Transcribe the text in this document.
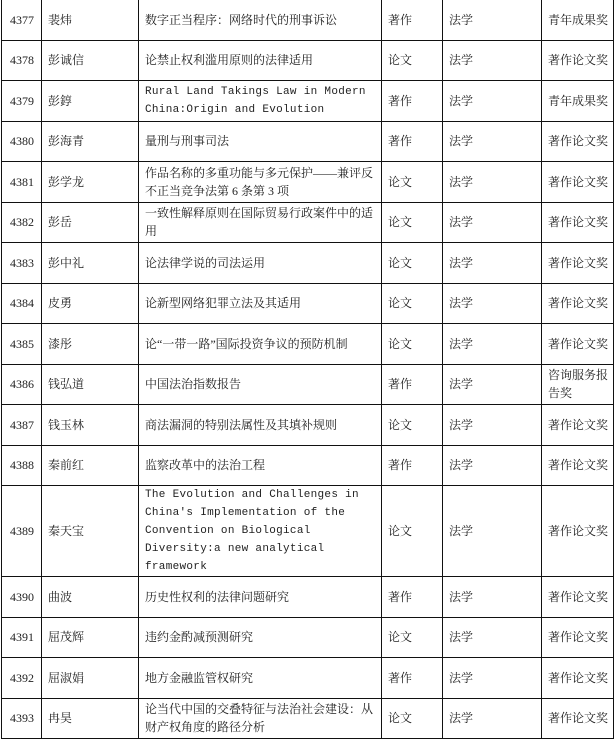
4377	裴炜	数字正当程序：网络时代的刑事诉讼	著作	法学	青年成果奖
4378	彭诚信	论禁止权利滥用原则的法律适用	论文	法学	著作论文奖
4379	彭錞	Rural Land Takings Law in Modern China:Origin and Evolution	著作	法学	青年成果奖
4380	彭海青	量刑与刑事司法	著作	法学	著作论文奖
4381	彭学龙	作品名称的多重功能与多元保护——兼评反不正当竞争法第 6 条第 3 项	论文	法学	著作论文奖
4382	彭岳	一致性解释原则在国际贸易行政案件中的适用	论文	法学	著作论文奖
4383	彭中礼	论法律学说的司法运用	论文	法学	著作论文奖
4384	皮勇	论新型网络犯罪立法及其适用	论文	法学	著作论文奖
4385	漆彤	论“一带一路”国际投资争议的预防机制	论文	法学	著作论文奖
4386	钱弘道	中国法治指数报告	著作	法学	咨询服务报告奖
4387	钱玉林	商法漏洞的特别法属性及其填补规则	论文	法学	著作论文奖
4388	秦前红	监察改革中的法治工程	著作	法学	著作论文奖
4389	秦天宝	The Evolution and Challenges in China's Implementation of the Convention on Biological Diversity:a new analytical framework	论文	法学	著作论文奖
4390	曲波	历史性权利的法律问题研究	著作	法学	著作论文奖
4391	屈茂辉	违约金酌减预测研究	论文	法学	著作论文奖
4392	屈淑娟	地方金融监管权研究	著作	法学	著作论文奖
4393	冉昊	论当代中国的交叠特征与法治社会建设：从财产权角度的路径分析	论文	法学	著作论文奖
